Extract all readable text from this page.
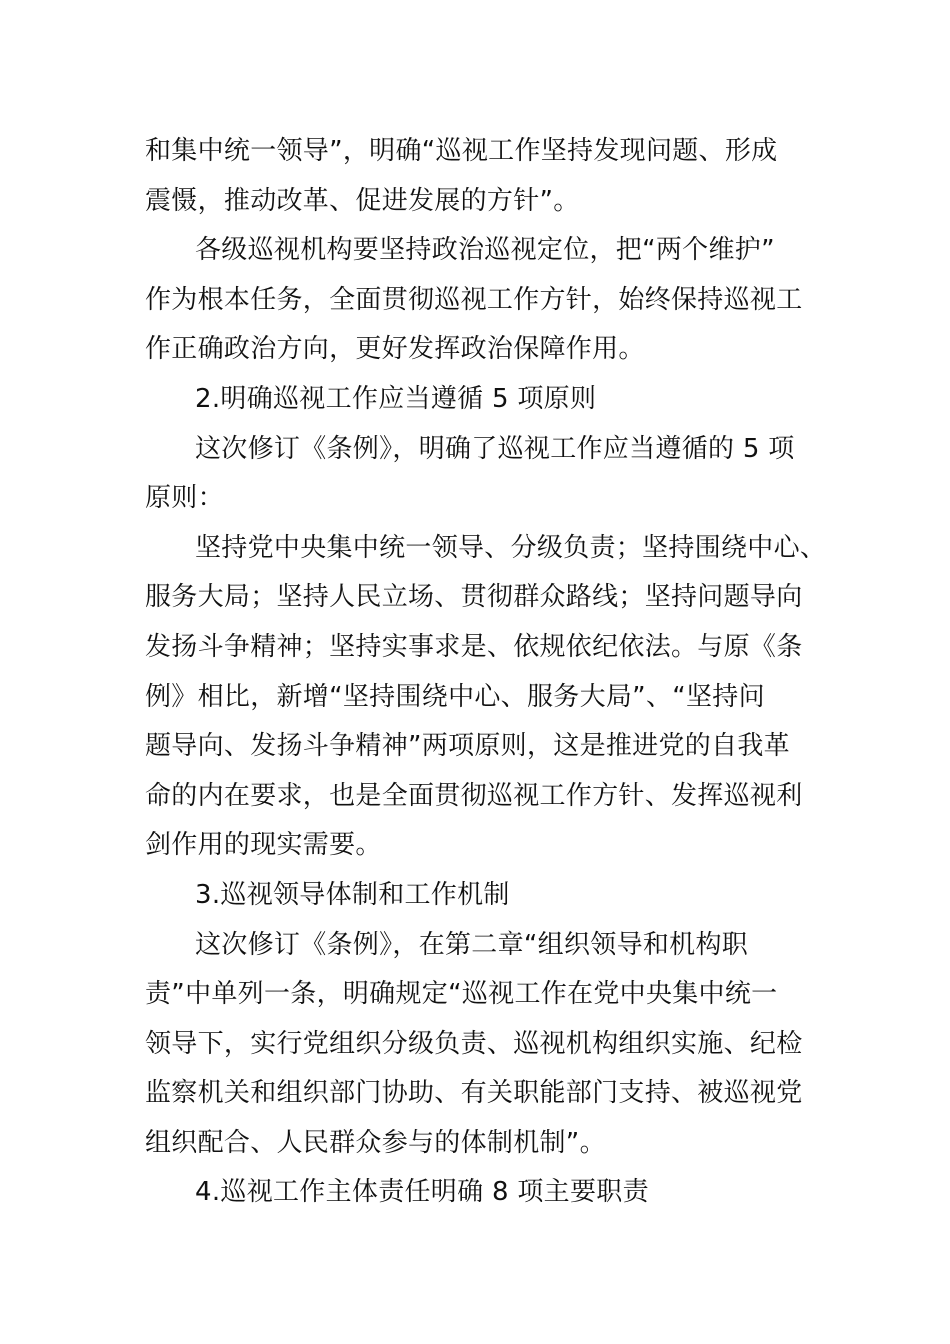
和集中统一领导”，明确“巡视工作坚持发现问题、形成
震慑，推动改革、促进发展的方针”。
各级巡视机构要坚持政治巡视定位，把“两个维护”
作为根本任务，全面贯彻巡视工作方针，始终保持巡视工
作正确政治方向，更好发挥政治保障作用。
2.明确巡视工作应当遵循 5 项原则
这次修订《条例》，明确了巡视工作应当遵循的 5 项
原则：
坚持党中央集中统一领导、分级负责；坚持围绕中心、
服务大局；坚持人民立场、贯彻群众路线；坚持问题导向
发扬斗争精神；坚持实事求是、依规依纪依法。与原《条
例》相比，新增“坚持围绕中心、服务大局”、“坚持问
题导向、发扬斗争精神”两项原则，这是推进党的自我革
命的内在要求，也是全面贯彻巡视工作方针、发挥巡视利
剑作用的现实需要。
3.巡视领导体制和工作机制
这次修订《条例》，在第二章“组织领导和机构职
责”中单列一条，明确规定“巡视工作在党中央集中统一
领导下，实行党组织分级负责、巡视机构组织实施、纪检
监察机关和组织部门协助、有关职能部门支持、被巡视党
组织配合、人民群众参与的体制机制”。
4.巡视工作主体责任明确 8 项主要职责
